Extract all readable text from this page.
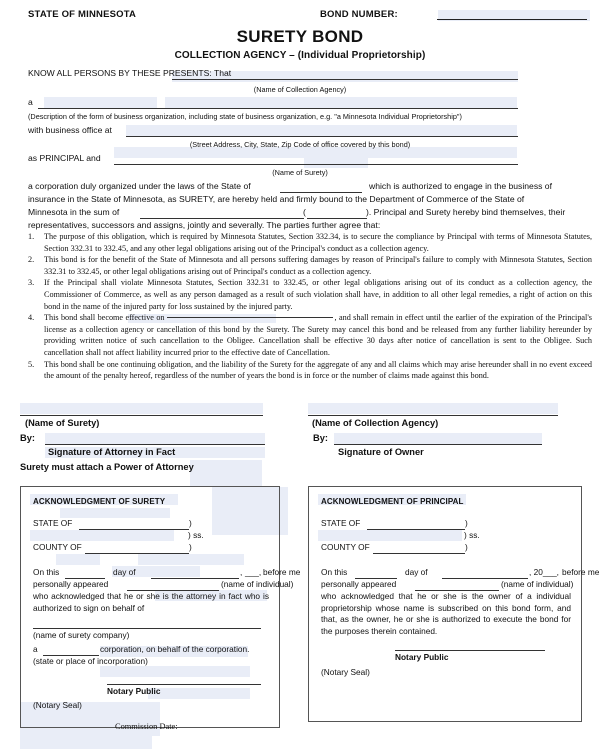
STATE OF MINNESOTA	BOND NUMBER:
SURETY BOND
COLLECTION AGENCY – (Individual Proprietorship)
KNOW ALL PERSONS BY THESE PRESENTS: That
(Name of Collection Agency)
a
(Description of the form of business organization, including state of business organization, e.g. "a Minnesota Individual Proprietorship")
with business office at
(Street Address, City, State, Zip Code of office covered by this bond)
as PRINCIPAL and
(Name of Surety)
a corporation duly organized under the laws of the State of	which is authorized to engage in the business of
insurance in the State of Minnesota, as SURETY, are hereby held and firmly bound to the Department of Commerce of the State of
Minnesota in the sum of	(	). Principal and Surety hereby bind themselves, their
representatives, successors and assigns, jointly and severally. The parties further agree that:
1.	The purpose of this obligation, which is required by Minnesota Statutes, Section 332.34, is to secure the compliance by Principal with terms of Minnesota Statutes, Section 332.31 to 332.45, and any other legal obligations arising out of the Principal's conduct as a collection agency.

2.	This bond is for the benefit of the State of Minnesota and all persons suffering damages by reason of Principal's failure to comply with Minnesota Statutes, Section 332.31 to 332.45, or other legal obligations arising out of Principal's conduct as a collection agency.

3.	If the Principal shall violate Minnesota Statutes, Section 332.31 to 332.45, or other legal obligations arising out of its conduct as a collection agency, the Commissioner of Commerce, as well as any person damaged as a result of such violation shall have, in addition to all other legal remedies, a right of action on this bond in the name of the injured party for loss sustained by the injured party.

4.	This bond shall become effective on	, and shall remain in effect until the earlier of the expiration of the Principal's license as a collection agency or cancellation of this bond by the Surety. The Surety may cancel this bond and be released from any further liability hereunder by providing written notice of such cancellation to the Obligee. Cancellation shall be effective 30 days after notice of cancellation is sent to the Obligee. Such cancellation shall not affect liability incurred prior to the effective date of Cancellation.

5.	This bond shall be one continuing obligation, and the liability of the Surety for the aggregate of any and all claims which may arise hereunder shall in no event exceed the amount of the penalty hereof, regardless of the number of years the bond is in force or the number of claims made against this bond.

(Name of Surety)
By:
Signature of Attorney in Fact
Surety must attach a Power of Attorney
(Name of Collection Agency)
By:
Signature of Owner
ACKNOWLEDGMENT OF SURETY
STATE OF	)
) ss.
COUNTY OF	)
On this	day of	, ___, before me
personally appeared	(name of individual)
who acknowledged that he or she is the attorney in fact who is authorized to sign on behalf of
(name of surety company)
a	corporation, on behalf of the corporation.
(state or place of incorporation)
Notary Public
(Notary Seal)
Commission Date:
ACKNOWLEDGMENT OF PRINCIPAL
STATE OF	)
) ss.
COUNTY OF	)
On this	day of	, 20___, before me
personally appeared	(name of individual)
who acknowledged that he or she is the owner of a individual proprietorship whose name is subscribed on this bond form, and that, as the owner, he or she is authorized to execute the bond for the purposes therein contained.
Notary Public
(Notary Seal)
